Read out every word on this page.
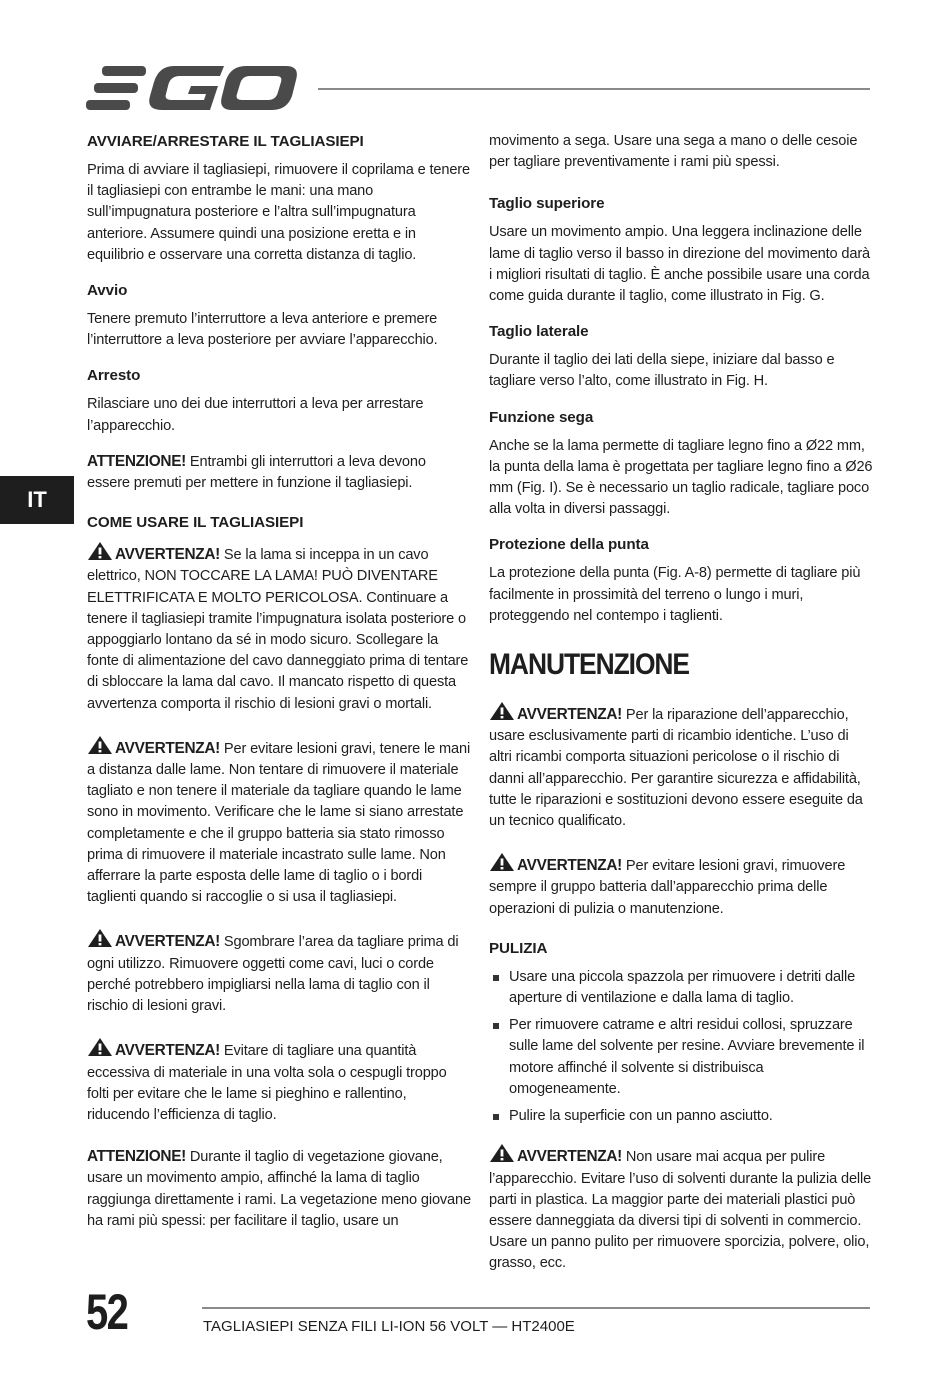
IT
AVVIARE/ARRESTARE IL TAGLIASIEPI

Prima di avviare il tagliasiepi, rimuovere il coprilama e tenere il tagliasiepi con entrambe le mani: una mano sull’impugnatura posteriore e l’altra sull’impugnatura anteriore. Assumere quindi una posizione eretta e in equilibrio e osservare una corretta distanza di taglio.

Avvio

Tenere premuto l’interruttore a leva anteriore e premere l’interruttore a leva posteriore per avviare l’apparecchio.

Arresto

Rilasciare uno dei due interruttori a leva per arrestare l’apparecchio.

ATTENZIONE! Entrambi gli interruttori a leva devono essere premuti per mettere in funzione il tagliasiepi.

COME USARE IL TAGLIASIEPI

AVVERTENZA! Se la lama si inceppa in un cavo elettrico, NON TOCCARE LA LAMA! PUÒ DIVENTARE ELETTRIFICATA E MOLTO PERICOLOSA. Continuare a tenere il tagliasiepi tramite l’impugnatura isolata posteriore o appoggiarlo lontano da sé in modo sicuro. Scollegare la fonte di alimentazione del cavo danneggiato prima di tentare di sbloccare la lama dal cavo. Il mancato rispetto di questa avvertenza comporta il rischio di lesioni gravi o mortali.

AVVERTENZA! Per evitare lesioni gravi, tenere le mani a distanza dalle lame. Non tentare di rimuovere il materiale tagliato e non tenere il materiale da tagliare quando le lame sono in movimento. Verificare che le lame si siano arrestate completamente e che il gruppo batteria sia stato rimosso prima di rimuovere il materiale incastrato sulle lame. Non afferrare la parte esposta delle lame di taglio o i bordi taglienti quando si raccoglie o si usa il tagliasiepi.

AVVERTENZA! Sgombrare l’area da tagliare prima di ogni utilizzo. Rimuovere oggetti come cavi, luci o corde perché potrebbero impigliarsi nella lama di taglio con il rischio di lesioni gravi.

AVVERTENZA! Evitare di tagliare una quantità eccessiva di materiale in una volta sola o cespugli troppo folti per evitare che le lame si pieghino e rallentino, riducendo l’efficienza di taglio.

ATTENZIONE! Durante il taglio di vegetazione giovane, usare un movimento ampio, affinché la lama di taglio raggiunga direttamente i rami. La vegetazione meno giovane ha rami più spessi: per facilitare il taglio, usare un

movimento a sega. Usare una sega a mano o delle cesoie per tagliare preventivamente i rami più spessi.

Taglio superiore

Usare un movimento ampio. Una leggera inclinazione delle lame di taglio verso il basso in direzione del movimento darà i migliori risultati di taglio. È anche possibile usare una corda come guida durante il taglio, come illustrato in Fig. G.

Taglio laterale

Durante il taglio dei lati della siepe, iniziare dal basso e tagliare verso l’alto, come illustrato in Fig. H.

Funzione sega

Anche se la lama permette di tagliare legno fino a Ø22 mm, la punta della lama è progettata per tagliare legno fino a Ø26 mm (Fig. I). Se è necessario un taglio radicale, tagliare poco alla volta in diversi passaggi.

Protezione della punta

La protezione della punta (Fig. A-8) permette di tagliare più facilmente in prossimità del terreno o lungo i muri, proteggendo nel contempo i taglienti.

MANUTENZIONE

AVVERTENZA! Per la riparazione dell’apparecchio, usare esclusivamente parti di ricambio identiche. L’uso di altri ricambi comporta situazioni pericolose o il rischio di danni all’apparecchio. Per garantire sicurezza e affidabilità, tutte le riparazioni e sostituzioni devono essere eseguite da un tecnico qualificato.

AVVERTENZA! Per evitare lesioni gravi, rimuovere sempre il gruppo batteria dall’apparecchio prima delle operazioni di pulizia o manutenzione.

PULIZIA
Usare una piccola spazzola per rimuovere i detriti dalle aperture di ventilazione e dalla lama di taglio.
Per rimuovere catrame e altri residui collosi, spruzzare sulle lame del solvente per resine. Avviare brevemente il motore affinché il solvente si distribuisca omogeneamente.
Pulire la superficie con un panno asciutto.

AVVERTENZA! Non usare mai acqua per pulire l’apparecchio. Evitare l’uso di solventi durante la pulizia delle parti in plastica. La maggior parte dei materiali plastici può essere danneggiata da diversi tipi di solventi in commercio. Usare un panno pulito per rimuovere sporcizia, polvere, olio, grasso, ecc.

52	TAGLIASIEPI SENZA FILI LI-ION 56 VOLT — HT2400E
